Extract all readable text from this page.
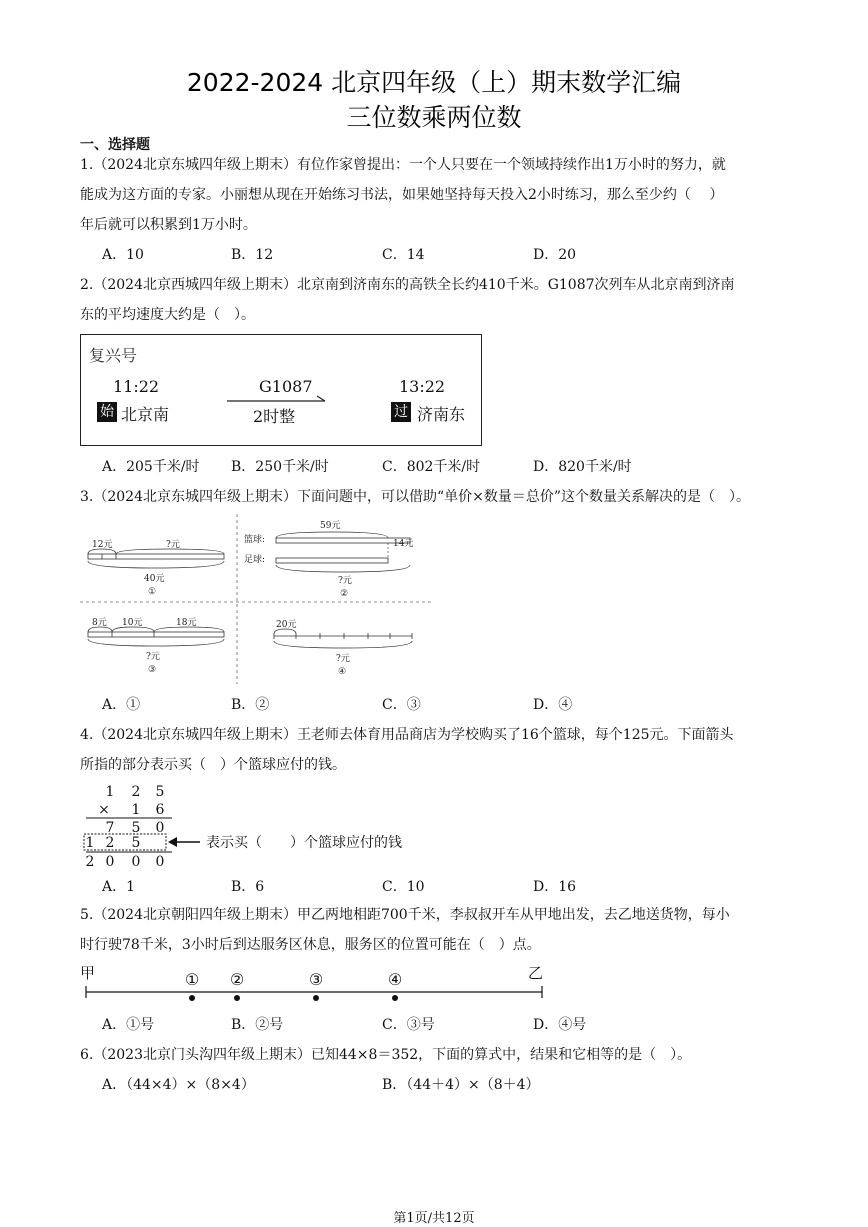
2022-2024 北京四年级（上）期末数学汇编
三位数乘两位数
一、选择题
1.（2024北京东城四年级上期末）有位作家曾提出：一个人只要在一个领域持续作出1万小时的努力，就
能成为这方面的专家。小丽想从现在开始练习书法，如果她坚持每天投入2小时练习，那么至少约（　 ）
年后就可以积累到1万小时。
A．10	B．12	C．14	D．20
2.（2024北京西城四年级上期末）北京南到济南东的高铁全长约410千米。G1087次列车从北京南到济南
东的平均速度大约是（　）。
复兴号
11:22	G1087	13:22
始 北京南	2时整	过 济南东
A．205千米/时 B．250千米/时	C．802千米/时	D．820千米/时
3.（2024北京东城四年级上期末）下面问题中，可以借助“单价×数量＝总价”这个数量关系解决的是（　）。
12元	?元
40元
①
59元
篮球:
足球:
14元
?元
②
8元 10元	18元
?元
③
20元
?元
④
A．①	B．②	C．③	D．④
4.（2024北京东城四年级上期末）王老师去体育用品商店为学校购买了16个篮球，每个125元。下面箭头
所指的部分表示买（　）个篮球应付的钱。
1 2 5
× 1 6
7 5 0
1 2 5
2 0 0 0
表示买（　　）个篮球应付的钱
A．1	B．6	C．10	D．16
5.（2024北京朝阳四年级上期末）甲乙两地相距700千米，李叔叔开车从甲地出发，去乙地送货物，每小
时行驶78千米，3小时后到达服务区休息，服务区的位置可能在（　）点。
甲	乙
① ②	③	④
A．①号	B．②号	C．③号	D．④号
6.（2023北京门头沟四年级上期末）已知44×8＝352，下面的算式中，结果和它相等的是（　）。
A．（44×4）×（8×4）	B．（44＋4）×（8＋4）
第1页/共12页
